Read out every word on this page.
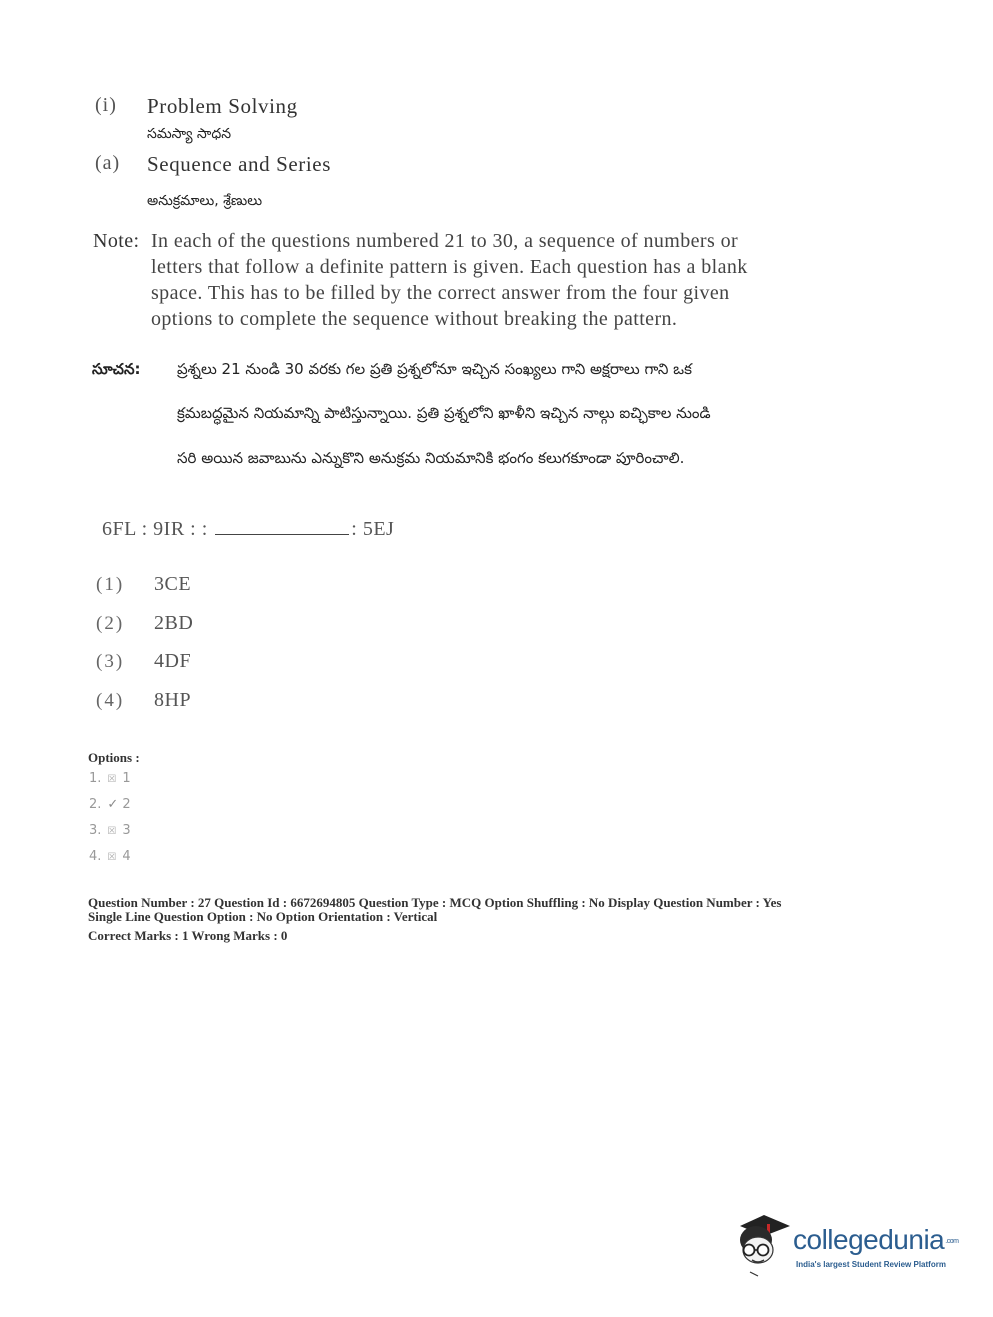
(i) Problem Solving
సమస్యా సాధన
(a) Sequence and Series
అనుక్రమాలు, శ్రేణులు
Note: In each of the questions numbered 21 to 30, a sequence of numbers or
letters that follow a definite pattern is given. Each question has a blank
space. This has to be filled by the correct answer from the four given
options to complete the sequence without breaking the pattern.
సూచన: ప్రశ్నలు 21 నుండి 30 వరకు గల ప్రతి ప్రశ్నలోనూ ఇచ్చిన సంఖ్యలు గాని అక్షరాలు గాని ఒక
క్రమబద్ధమైన నియమాన్ని పాటిస్తున్నాయి. ప్రతి ప్రశ్నలోని ఖాళీని ఇచ్చిన నాల్గు ఐచ్ఛికాల నుండి
సరి అయిన జవాబును ఎన్నుకొని అనుక్రమ నియమానికి భంగం కలుగకూండా పూరించాలి.
6FL : 9IR : :	: 5EJ
(1) 3CE
(2) 2BD
(3) 4DF
(4) 8HP
Options :
1. ☒ 1
2. ✓ 2
3. ☒ 3
4. ☒ 4
Question Number : 27 Question Id : 6672694805 Question Type : MCQ Option Shuffling : No Display Question Number : Yes
Single Line Question Option : No Option Orientation : Vertical
Correct Marks : 1 Wrong Marks : 0
collegedunia.com
India's largest Student Review Platform
